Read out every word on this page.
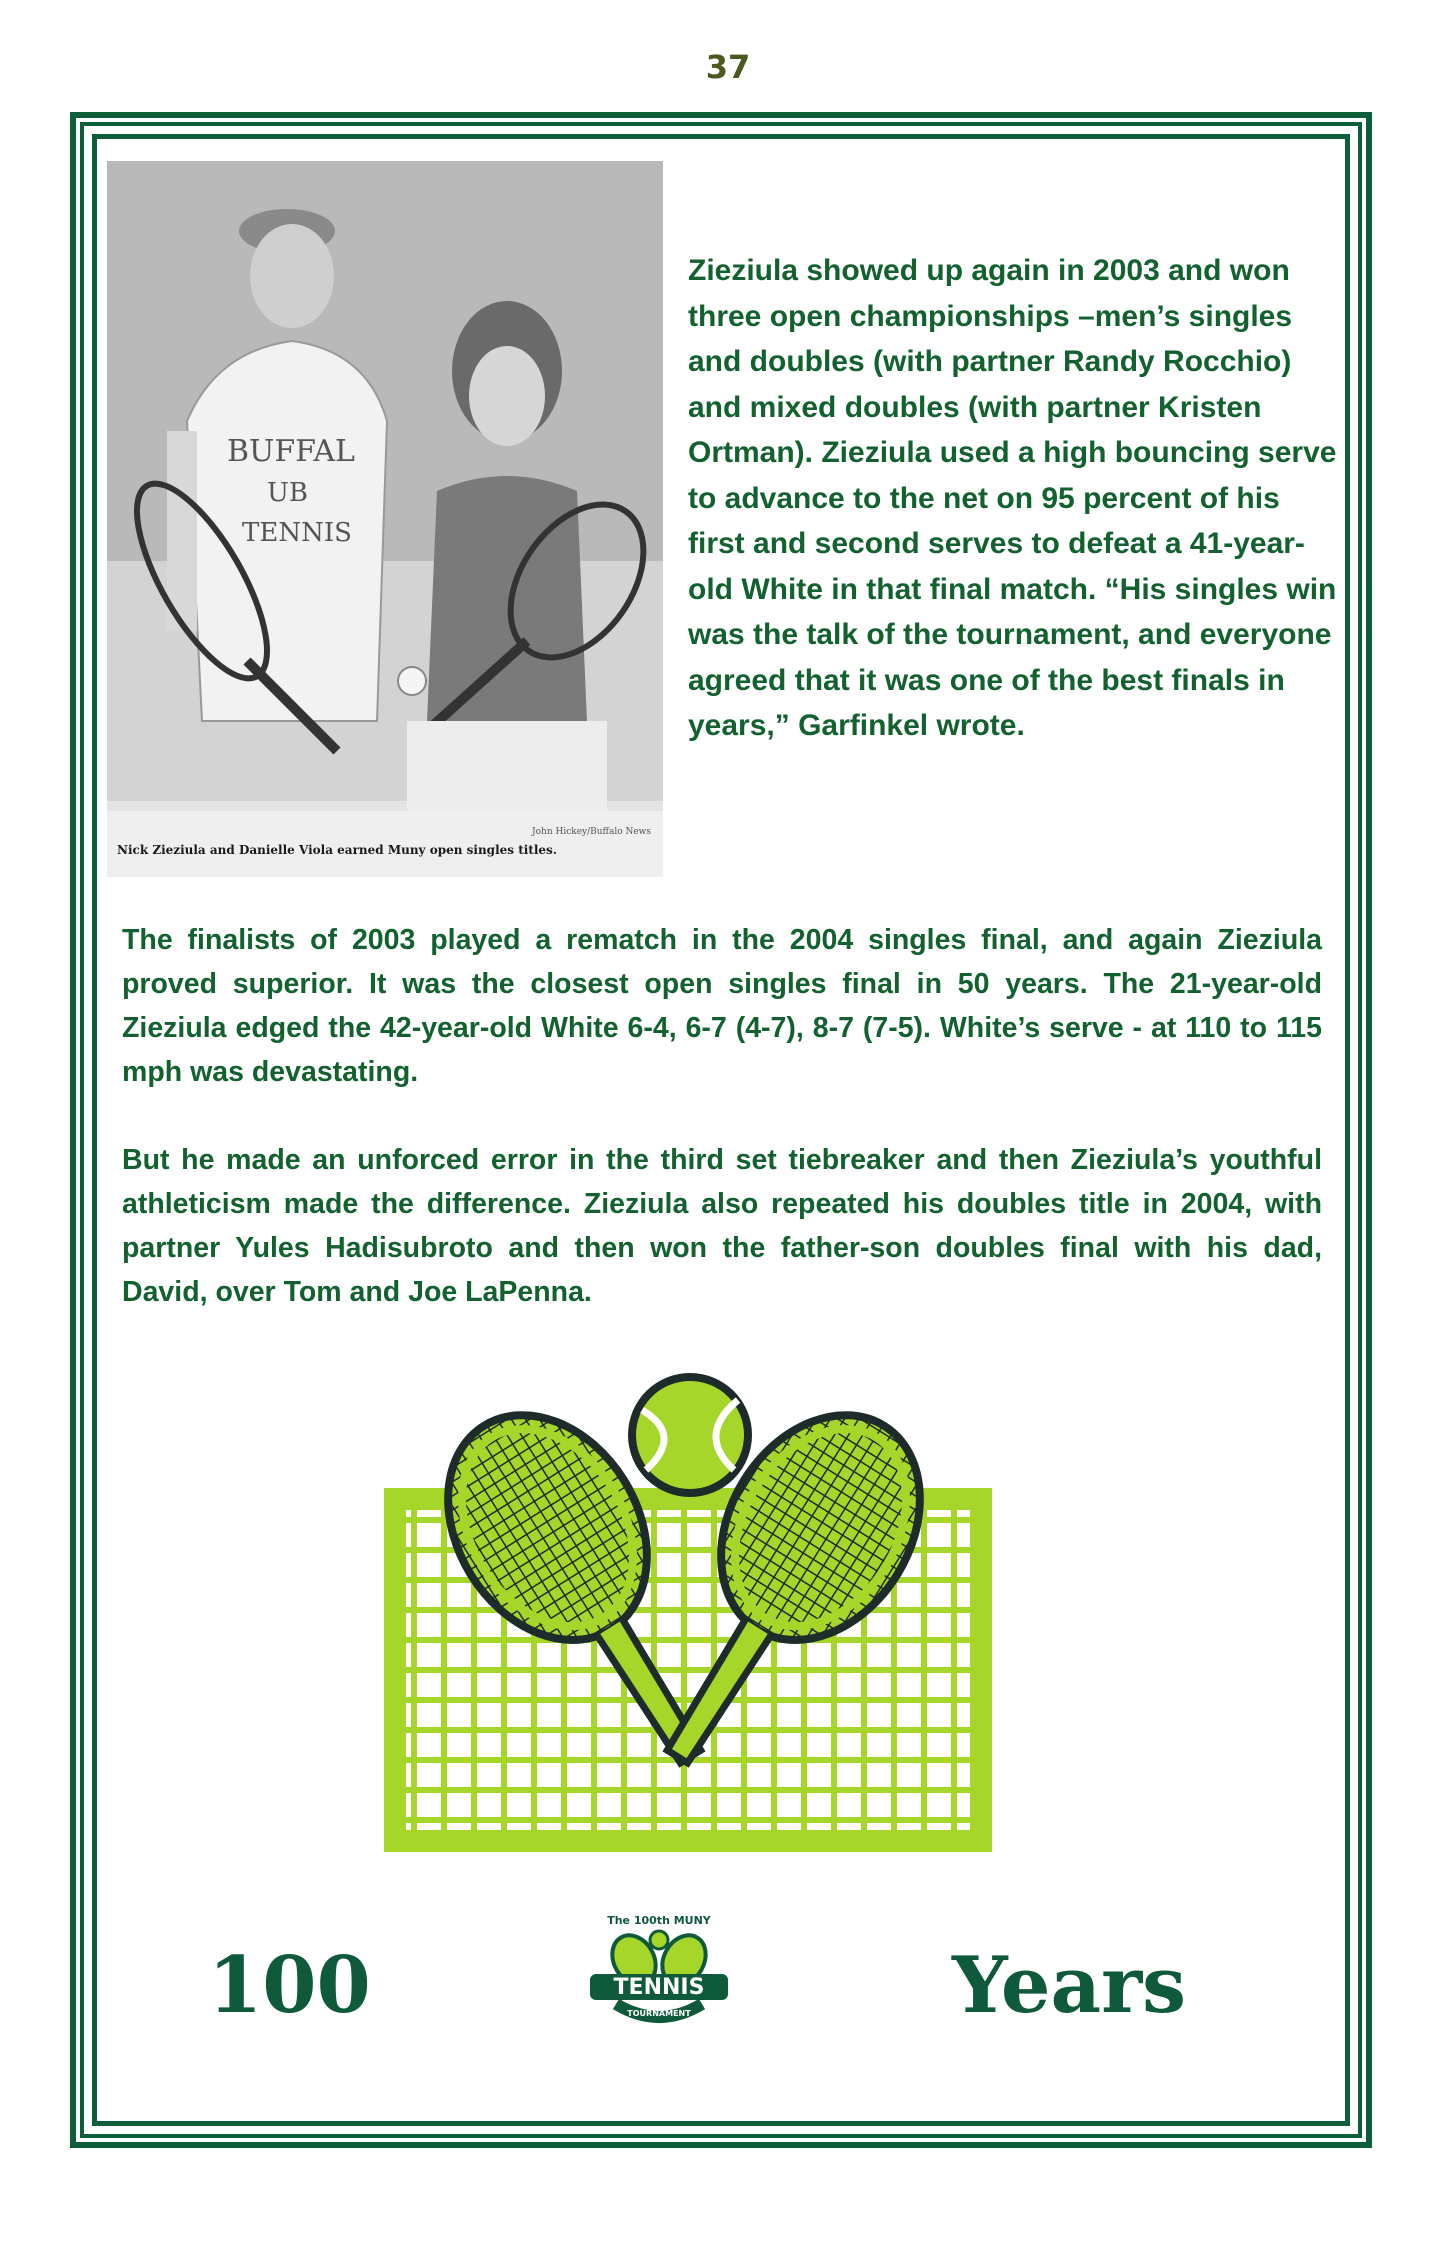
37
BUFFAL
UB
TENNIS
John Hickey/Buffalo News
Nick Zieziula and Danielle Viola earned Muny open singles titles.
Zieziula showed up again in 2003 and won three open championships –men’s singles and doubles (with partner Randy Rocchio) and mixed doubles (with partner Kristen Ortman). Zieziula used a high bouncing serve to advance to the net on 95 percent of his first and second serves to defeat a 41-year-old White in that final match. “His singles win was the talk of the tournament, and everyone agreed that it was one of the best finals in years,” Garfinkel wrote.

The finalists of 2003 played a rematch in the 2004 singles final, and again Zieziula proved superior. It was the closest open singles final in 50 years. The 21-year-old Zieziula edged the 42-year-old White 6-4, 6-7 (4-7), 8-7 (7-5). White’s serve - at 110 to 115 mph was devastating.

But he made an unforced error in the third set tiebreaker and then Zieziula’s youthful athleticism made the difference. Zieziula also repeated his doubles title in 2004, with partner Yules Hadisubroto and then won the father-son doubles final with his dad, David, over Tom and Joe LaPenna.

100
The 100th MUNY
TENNIS
TOURNAMENT	Years
